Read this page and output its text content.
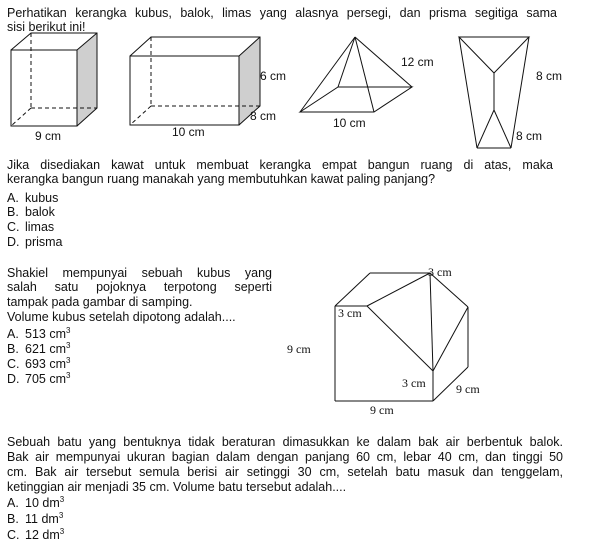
Perhatikan kerangka kubus, balok, limas yang alasnya persegi, dan prisma segitiga sama
sisi berikut ini!
9 cm
6 cm
8 cm
10 cm
12 cm
10 cm
8 cm
8 cm
3 cm
3 cm
9 cm
3 cm	9 cm
9 cm
Jika disediakan kawat untuk membuat kerangka empat bangun ruang di atas, maka
kerangka bangun ruang manakah yang membutuhkan kawat paling panjang?
A. kubus
B. balok
C. limas
D. prisma
Shakiel mempunyai sebuah kubus yang
salah satu pojoknya terpotong seperti
tampak pada gambar di samping.
Volume kubus setelah dipotong adalah....
A. 513 $cm^3$
B. 621 $cm^3$
C. 693 $cm^3$
D. 705 $cm^3$
Sebuah batu yang bentuknya tidak beraturan dimasukkan ke dalam bak air berbentuk balok.
Bak air mempunyai ukuran bagian dalam dengan panjang 60 cm, lebar 40 cm, dan tinggi 50
cm. Bak air tersebut semula berisi air setinggi 30 cm, setelah batu masuk dan tenggelam,
ketinggian air menjadi 35 cm. Volume batu tersebut adalah....
A. 10 $dm^3$
B. 11 $dm^3$
C. 12 $dm^3$
